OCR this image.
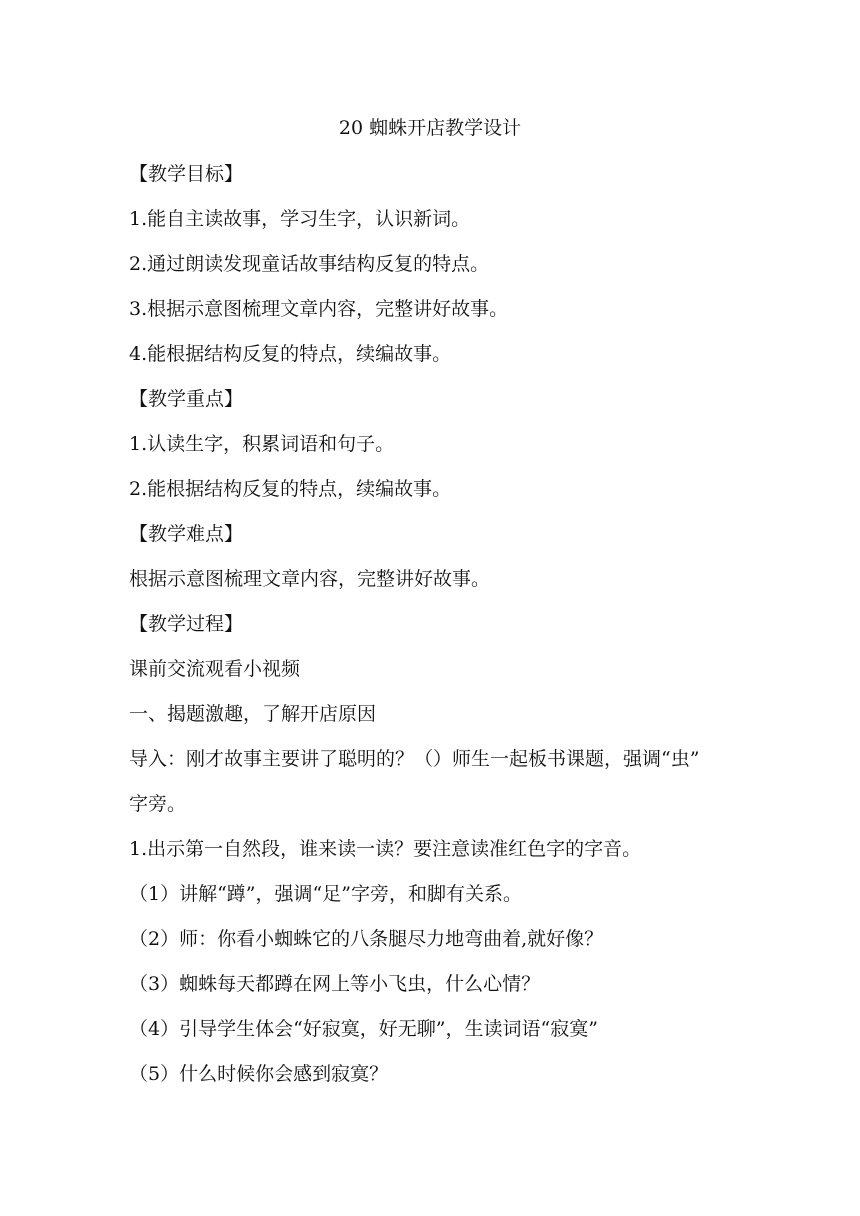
20 蜘蛛开店教学设计
【教学目标】
1.能自主读故事，学习生字，认识新词。
2.通过朗读发现童话故事结构反复的特点。
3.根据示意图梳理文章内容，完整讲好故事。
4.能根据结构反复的特点，续编故事。
【教学重点】
1.认读生字，积累词语和句子。
2.能根据结构反复的特点，续编故事。
【教学难点】
根据示意图梳理文章内容，完整讲好故事。
【教学过程】
课前交流观看小视频
一、揭题激趣，了解开店原因
导入：刚才故事主要讲了聪明的？（）师生一起板书课题，强调“虫”
字旁。
1.出示第一自然段，谁来读一读？要注意读准红色字的字音。
（1）讲解“蹲”，强调“足”字旁，和脚有关系。
（2）师：你看小蜘蛛它的八条腿尽力地弯曲着,就好像？
（3）蜘蛛每天都蹲在网上等小飞虫，什么心情？
（4）引导学生体会“好寂寞，好无聊”，生读词语“寂寞”
（5）什么时候你会感到寂寞？
